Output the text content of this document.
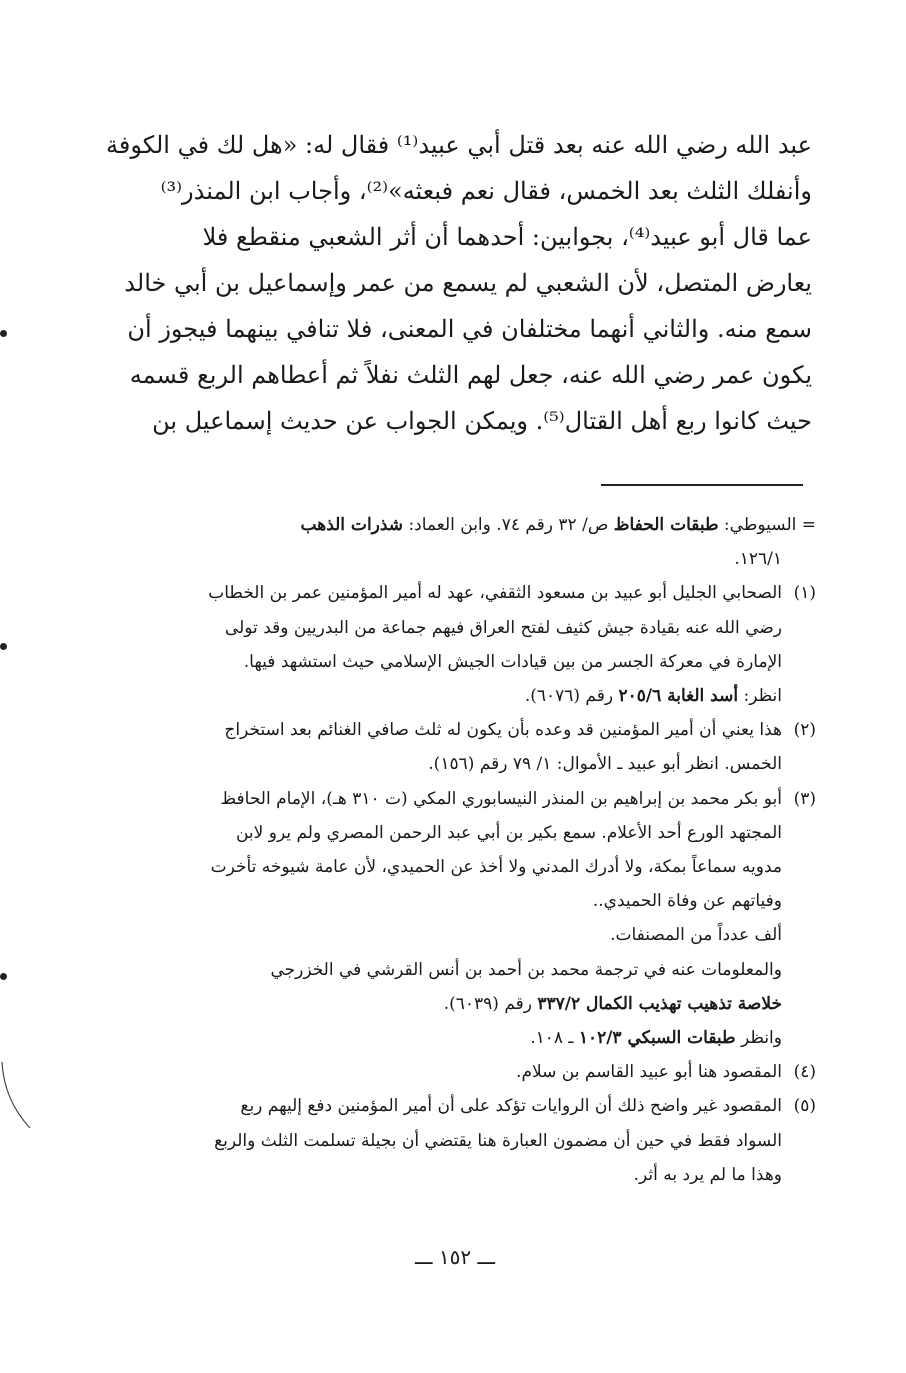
عبد الله رضي الله عنه بعد قتل أبي عبيد⁽¹⁾ فقال له: «هل لك في الكوفة

وأنفلك الثلث بعد الخمس، فقال نعم فبعثه»⁽²⁾، وأجاب ابن المنذر⁽³⁾

عما قال أبو عبيد⁽⁴⁾، بجوابين: أحدهما أن أثر الشعبي منقطع فلا

يعارض المتصل، لأن الشعبي لم يسمع من عمر وإسماعيل بن أبي خالد

سمع منه. والثاني أنهما مختلفان في المعنى، فلا تنافي بينهما فيجوز أن

يكون عمر رضي الله عنه، جعل لهم الثلث نفلاً ثم أعطاهم الربع قسمه

حيث كانوا ربع أهل القتال⁽⁵⁾. ويمكن الجواب عن حديث إسماعيل بن

= السيوطي: طبقات الحفاظ ص/ ٣٢ رقم ٧٤. وابن العماد: شذرات الذهب
١٢٦/١.
(١)
الصحابي الجليل أبو عبيد بن مسعود الثقفي، عهد له أمير المؤمنين عمر بن الخطاب
رضي الله عنه بقيادة جيش كثيف لفتح العراق فيهم جماعة من البدريين وقد تولى
الإمارة في معركة الجسر من بين قيادات الجيش الإسلامي حيث استشهد فيها.
انظر: أسد الغابة ٢٠٥/٦ رقم (٦٠٧٦).
(٢)
هذا يعني أن أمير المؤمنين قد وعده بأن يكون له ثلث صافي الغنائم بعد استخراج
الخمس. انظر أبو عبيد ـ الأموال: ١/ ٧٩ رقم (١٥٦).
(٣)
أبو بكر محمد بن إبراهيم بن المنذر النيسابوري المكي (ت ٣١٠ هـ)، الإمام الحافظ
المجتهد الورع أحد الأعلام. سمع بكير بن أبي عبد الرحمن المصري ولم يرو لابن
مدويه سماعاً بمكة، ولا أدرك المدني ولا أخذ عن الحميدي، لأن عامة شيوخه تأخرت
وفياتهم عن وفاة الحميدي..
ألف عدداً من المصنفات.
والمعلومات عنه في ترجمة محمد بن أحمد بن أنس القرشي في الخزرجي
خلاصة تذهيب تهذيب الكمال ٣٣٧/٢ رقم (٦٠٣٩).
وانظر طبقات السبكي ١٠٢/٣ ـ ١٠٨.
(٤)
المقصود هنا أبو عبيد القاسم بن سلام.
(٥)
المقصود غير واضح ذلك أن الروايات تؤكد على أن أمير المؤمنين دفع إليهم ربع
السواد فقط في حين أن مضمون العبارة هنا يقتضي أن بجيلة تسلمت الثلث والربع
وهذا ما لم يرد به أثر.
ـــ ١٥٢ ـــ
